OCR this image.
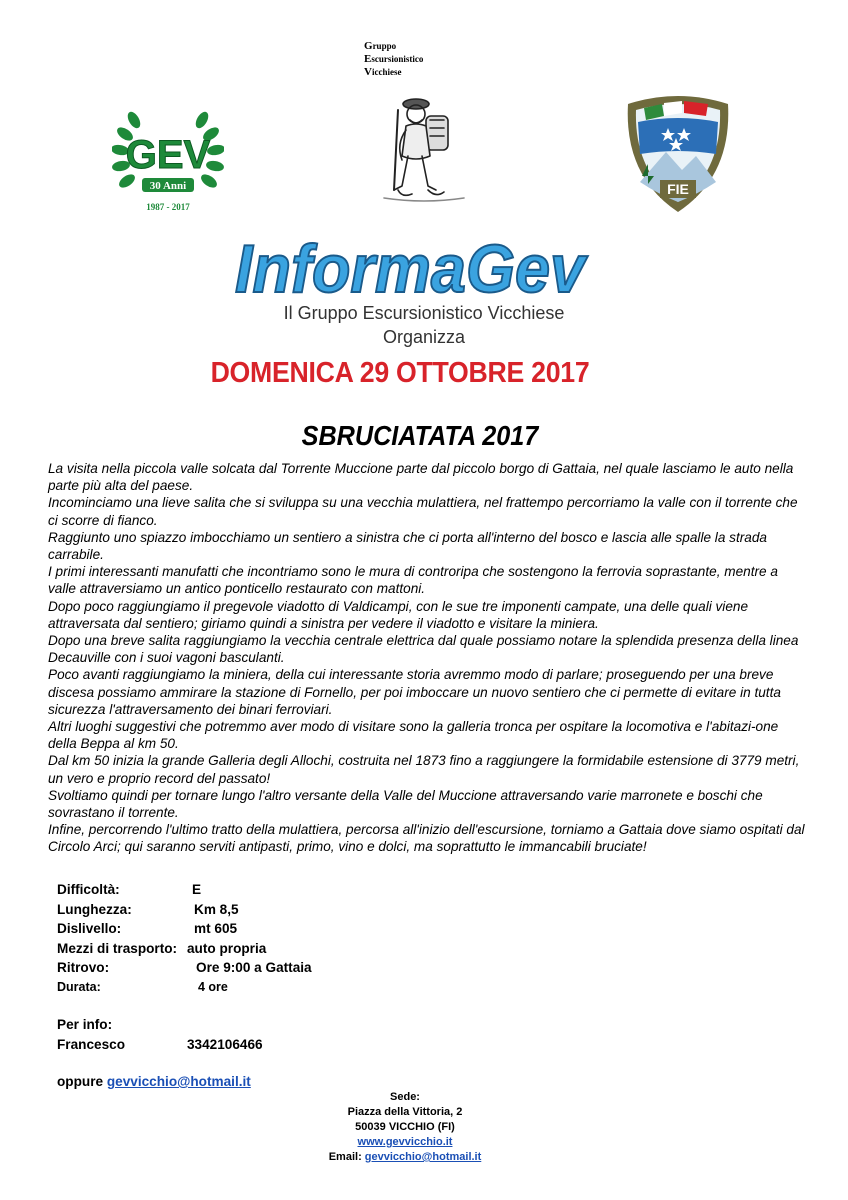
GEV
30 Anni
1987 - 2017
Gruppo
Escursionistico
Vicchiese
FIE
InformaGev
Il Gruppo Escursionistico Vicchiese
Organizza
DOMENICA 29 OTTOBRE 2017
SBRUCIATATA 2017

La visita nella piccola valle solcata dal Torrente Muccione parte dal piccolo borgo di Gattaia, nel quale lasciamo le auto nella parte più alta del paese.

Incominciamo una lieve salita che si sviluppa su una vecchia mulattiera, nel frattempo percorriamo la valle con il torrente che ci scorre di fianco.

Raggiunto uno spiazzo imbocchiamo un sentiero a sinistra che ci porta all'interno del bosco e lascia alle spalle la strada carrabile.

I primi interessanti manufatti che incontriamo sono le mura di controripa che sostengono la ferrovia soprastante, mentre a valle attraversiamo un antico ponticello restaurato con mattoni.

Dopo poco raggiungiamo il pregevole viadotto di Valdicampi, con le sue tre imponenti campate, una delle quali viene attraversata dal sentiero; giriamo quindi a sinistra per vedere il viadotto e visitare la miniera.

Dopo una breve salita raggiungiamo la vecchia centrale elettrica dal quale possiamo notare la splendida presenza della linea Decauville con i suoi vagoni basculanti.

Poco avanti raggiungiamo la miniera, della cui interessante storia avremmo modo di parlare; proseguendo per una breve discesa possiamo ammirare la stazione di Fornello, per poi imboccare un nuovo sentiero che ci permette di evitare in tutta sicurezza l'attraversamento dei binari ferroviari.

Altri luoghi suggestivi che potremmo aver modo di visitare sono la galleria tronca per ospitare la locomotiva e l'abitazi-one della Beppa al km 50.

Dal km 50 inizia la grande Galleria degli Allochi, costruita nel 1873 fino a raggiungere la formidabile estensione di 3779 metri, un vero e proprio record del passato!

Svoltiamo quindi per tornare lungo l'altro versante della Valle del Muccione attraversando varie marronete e boschi che sovrastano il torrente.

Infine, percorrendo l'ultimo tratto della mulattiera, percorsa all'inizio dell'escursione, torniamo a Gattaia dove siamo ospitati dal Circolo Arci; qui saranno serviti antipasti, primo, vino e dolci, ma soprattutto le immancabili bruciate!

Difficoltà:	E
Lunghezza:	Km 8,5
Dislivello:	mt 605
Mezzi di trasporto: auto propria
Ritrovo:	Ore 9:00 a Gattaia
Durata:	4 ore
Per info:
Francesco	3342106466
oppure gevvicchio@hotmail.it
Sede:
Piazza della Vittoria, 2
50039 VICCHIO (FI)
www.gevvicchio.it
Email: gevvicchio@hotmail.it
